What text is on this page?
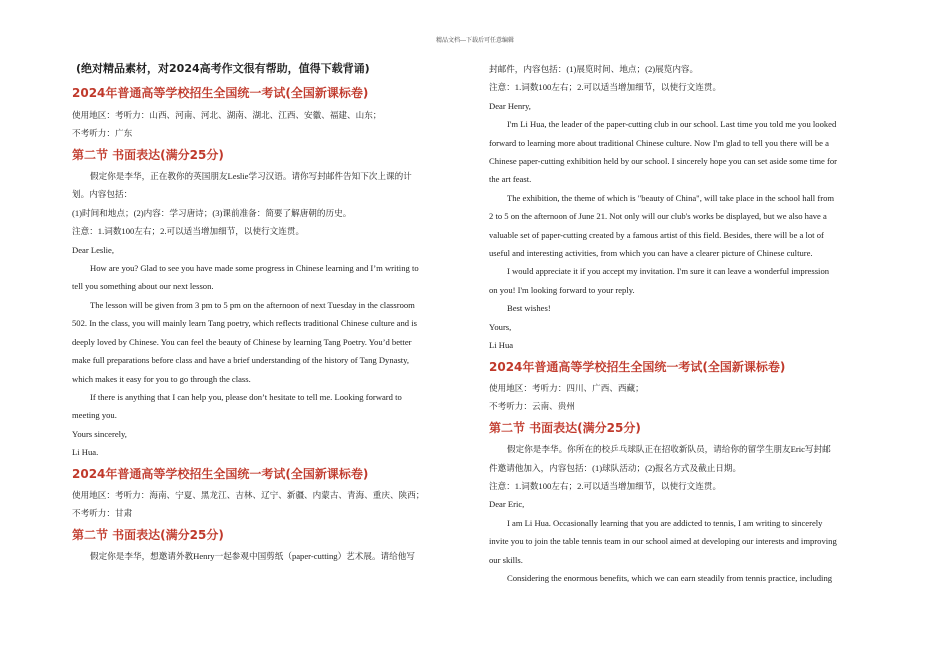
精品文档---下载后可任意编辑
(绝对精品素材，对2024高考作文很有帮助，值得下载背诵)
2024年普通高等学校招生全国统一考试(全国新课标卷)
使用地区：考听力：山西、河南、河北、湖南、湖北、江西、安徽、福建、山东；
不考听力：广东
第二节 书面表达(满分25分)
假定你是李华，正在教你的英国朋友Leslie学习汉语。请你写封邮件告知下次上课的计
划。内容包括：
(1)时间和地点；(2)内容：学习唐诗；(3)课前准备：简要了解唐朝的历史。
注意：1.词数100左右；2.可以适当增加细节，以使行文连贯。
Dear Leslie,
How are you? Glad to see you have made some progress in Chinese learning and I’m writing to
tell you something about our next lesson.
The lesson will be given from 3 pm to 5 pm on the afternoon of next Tuesday in the classroom
502. In the class, you will mainly learn Tang poetry, which reflects traditional Chinese culture and is
deeply loved by Chinese. You can feel the beauty of Chinese by learning Tang Poetry. You’d better
make full preparations before class and have a brief understanding of the history of Tang Dynasty,
which makes it easy for you to go through the class.
If there is anything that I can help you, please don’t hesitate to tell me. Looking forward to
meeting you.
Yours sincerely,
Li Hua.
2024年普通高等学校招生全国统一考试(全国新课标卷)
使用地区：考听力：海南、宁夏、黑龙江、吉林、辽宁、新疆、内蒙古、青海、重庆、陕西；
不考听力：甘肃
第二节 书面表达(满分25分)
假定你是李华，想邀请外教Henry一起参观中国剪纸（paper-cutting）艺术展。请给他写
封邮件，内容包括：(1)展览时间、地点；(2)展览内容。
注意：1.词数100左右；2.可以适当增加细节，以使行文连贯。
Dear Henry,
I'm Li Hua, the leader of the paper-cutting club in our school. Last time you told me you looked
forward to learning more about traditional Chinese culture. Now I'm glad to tell you there will be a
Chinese paper-cutting exhibition held by our school. I sincerely hope you can set aside some time for
the art feast.
The exhibition, the theme of which is "beauty of China", will take place in the school hall from
2 to 5 on the afternoon of June 21. Not only will our club's works be displayed, but we also have a
valuable set of paper-cutting created by a famous artist of this field. Besides, there will be a lot of
useful and interesting activities, from which you can have a clearer picture of Chinese culture.
I would appreciate it if you accept my invitation. I'm sure it can leave a wonderful impression
on you! I'm looking forward to your reply.
Best wishes!
Yours,
Li Hua
2024年普通高等学校招生全国统一考试(全国新课标卷)
使用地区：考听力：四川、广西、西藏；
不考听力：云南、贵州
第二节 书面表达(满分25分)
假定你是李华。你所在的校乒乓球队正在招收新队员，请给你的留学生朋友Eric写封邮
件邀请他加入，内容包括：(1)球队活动；(2)报名方式及截止日期。
注意：1.词数100左右；2.可以适当增加细节，以使行文连贯。
Dear Eric,
I am Li Hua. Occasionally learning that you are addicted to tennis, I am writing to sincerely
invite you to join the table tennis team in our school aimed at developing our interests and improving
our skills.
Considering the enormous benefits, which we can earn steadily from tennis practice, including
